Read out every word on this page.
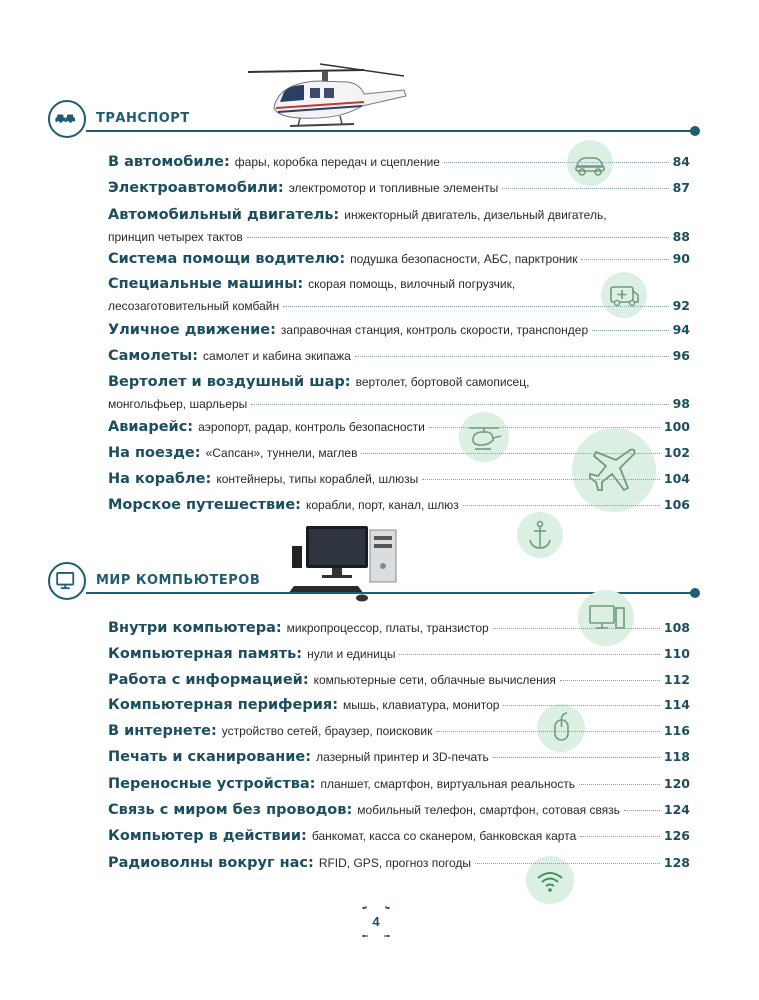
ТРАНСПОРТ
В автомобиле: фары, коробка передач и сцепление	84
Электроавтомобили: электромотор и топливные элементы	87
Автомобильный двигатель: инжекторный двигатель, дизельный двигатель,
принцип четырех тактов	88
Система помощи водителю: подушка безопасности, АБС, парктроник	90
Специальные машины: скорая помощь, вилочный погрузчик,
лесозаготовительный комбайн	92
Уличное движение: заправочная станция, контроль скорости, транспондер	94
Самолеты: самолет и кабина экипажа	96
Вертолет и воздушный шар: вертолет, бортовой самописец,
монгольфьер, шарльеры	98
Авиарейс: аэропорт, радар, контроль безопасности	100
На поезде: «Сапсан», туннели, маглев	102
На корабле: контейнеры, типы кораблей, шлюзы	104
Морское путешествие: корабли, порт, канал, шлюз	106
МИР КОМПЬЮТЕРОВ
Внутри компьютера: микропроцессор, платы, транзистор	108
Компьютерная память: нули и единицы	110
Работа с информацией: компьютерные сети, облачные вычисления	112
Компьютерная периферия: мышь, клавиатура, монитор	114
В интернете: устройство сетей, браузер, поисковик	116
Печать и сканирование: лазерный принтер и 3D-печать	118
Переносные устройства: планшет, смартфон, виртуальная реальность	120
Связь с миром без проводов: мобильный телефон, смартфон, сотовая связь	124
Компьютер в действии: банкомат, касса со сканером, банковская карта	126
Радиоволны вокруг нас: RFID, GPS, прогноз погоды	128
4
